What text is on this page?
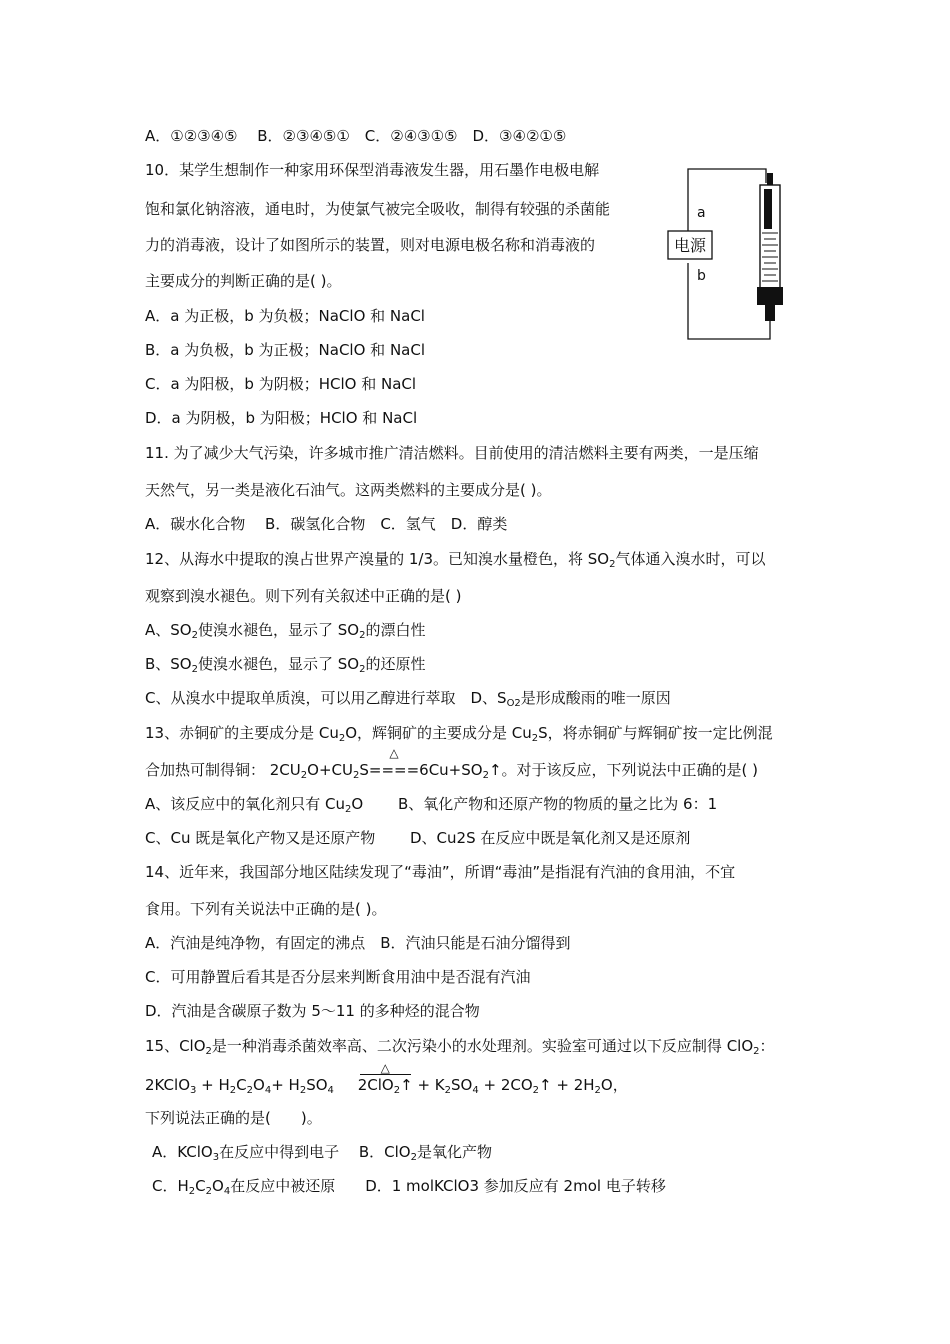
A．①②③④⑤　 B．②③④⑤①　C．②④③①⑤　D．③④②①⑤
10．某学生想制作一种家用环保型消毒液发生器，用石墨作电极电解
饱和氯化钠溶液，通电时，为使氯气被完全吸收，制得有较强的杀菌能
力的消毒液，设计了如图所示的装置，则对电源电极名称和消毒液的
主要成分的判断正确的是( )。
A．a 为正极，b 为负极；NaClO 和 NaCl
B．a 为负极，b 为正极；NaClO 和 NaCl
C．a 为阳极，b 为阴极；HClO 和 NaCl
D．a 为阴极，b 为阳极；HClO 和 NaCl
电源
a
b
11. 为了减少大气污染，许多城市推广清洁燃料。目前使用的清洁燃料主要有两类，一是压缩
天然气，另一类是液化石油气。这两类燃料的主要成分是( )。
A．碳水化合物　 B．碳氢化合物　C．氢气　D．醇类
12、从海水中提取的溴占世界产溴量的 1/3。已知溴水量橙色，将 $SO_2$气体通入溴水时，可以
观察到溴水褪色。则下列有关叙述中正确的是( )
A、$SO_2$使溴水褪色，显示了 $SO_2$的漂白性
B、$SO_2$使溴水褪色，显示了 $SO_2$的还原性
C、从溴水中提取单质溴，可以用乙醇进行萃取　D、$S_{O2}$是形成酸雨的唯一原因
13、赤铜矿的主要成分是 $Cu_2O$，辉铜矿的主要成分是 $Cu_2S$，将赤铜矿与辉铜矿按一定比例混
合加热可制得铜： $2CU_2O+CU_2S$
△
$====6Cu+SO_2↑$。对于该反应，下列说法中正确的是( )
A、该反应中的氧化剂只有 $Cu_2O$　　 B、氧化产物和还原产物的物质的量之比为 6：1
C、Cu 既是氧化产物又是还原产物　　 D、Cu2S 在反应中既是氧化剂又是还原剂
14、近年来，我国部分地区陆续发现了“毒油”，所谓“毒油”是指混有汽油的食用油，不宜
食用。下列有关说法中正确的是( )。
A．汽油是纯净物，有固定的沸点　B．汽油只能是石油分馏得到
C．可用静置后看其是否分层来判断食用油中是否混有汽油
D．汽油是含碳原子数为 5～11 的多种烃的混合物
15、ClO$_2$是一种消毒杀菌效率高、二次污染小的水处理剂。实验室可通过以下反应制得 ClO$_2$：
2KClO$_3$ + $H_2C_2O_4+ H_2SO_4$
△
2ClO$_2$↑ + $K_2SO_4$ + $2CO_2↑ + 2H_2O$，
下列说法正确的是(　　)。
A．KClO$_3$在反应中得到电子　 B．ClO$_2$是氧化产物
C．$H_2C_2O_4$在反应中被还原　　D．1 molKClO3 参加反应有 2mol 电子转移
